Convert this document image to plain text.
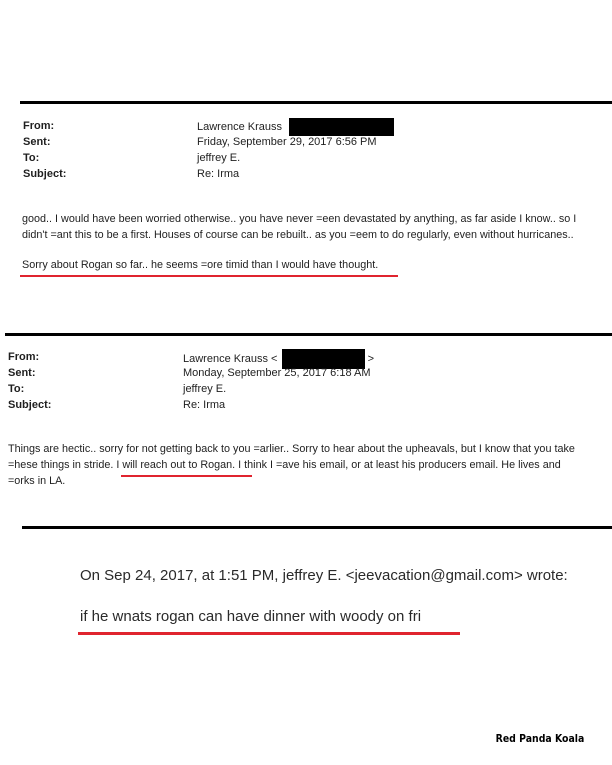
From:
Sent:
To:
Subject:
Lawrence Krauss
Friday, September 29, 2017 6:56 PM
jeffrey E.
Re: Irma
good.. I would have been worried otherwise.. you have never =een devastated by anything, as far aside I know.. so I
didn't =ant this to be a first. Houses of course can be rebuilt.. as you =eem to do regularly, even without hurricanes..
Sorry about Rogan so far.. he seems =ore timid than I would have thought.
From:
Sent:
To:
Subject:
Lawrence Krauss <	>
Monday, September 25, 2017 6:18 AM
jeffrey E.
Re: Irma
Things are hectic.. sorry for not getting back to you =arlier.. Sorry to hear about the upheavals, but I know that you take
=hese things in stride. I will reach out to Rogan. I think I =ave his email, or at least his producers email. He lives and
=orks in LA.
On Sep 24, 2017, at 1:51 PM, jeffrey E. <jeevacation@gmail.com> wrote:
if he wnats rogan can have dinner with woody on fri
Red Panda Koala
